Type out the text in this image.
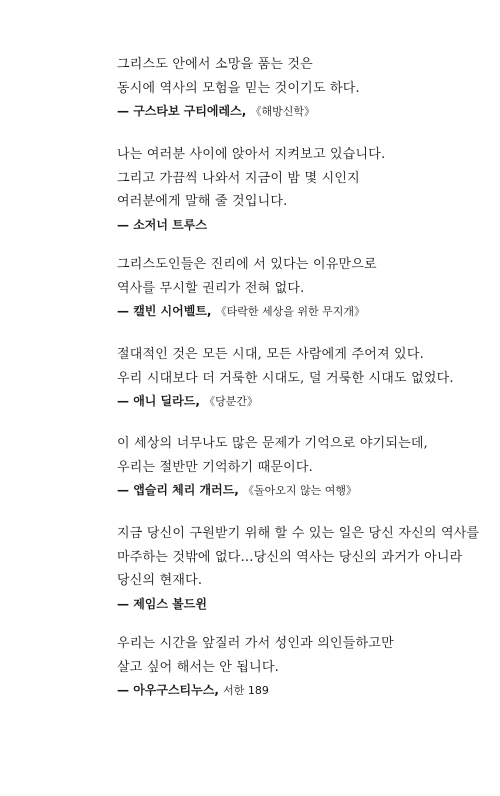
그리스도 안에서 소망을 품는 것은
동시에 역사의 모험을 믿는 것이기도 하다.
— 구스타보 구티에레스, 《해방신학》
나는 여러분 사이에 앉아서 지켜보고 있습니다.
그리고 가끔씩 나와서 지금이 밤 몇 시인지
여러분에게 말해 줄 것입니다.
— 소저너 트루스
그리스도인들은 진리에 서 있다는 이유만으로
역사를 무시할 권리가 전혀 없다.
— 캘빈 시어벨트, 《타락한 세상을 위한 무지개》
절대적인 것은 모든 시대, 모든 사람에게 주어져 있다.
우리 시대보다 더 거룩한 시대도, 덜 거룩한 시대도 없었다.
— 애니 딜라드, 《당분간》
이 세상의 너무나도 많은 문제가 기억으로 야기되는데,
우리는 절반만 기억하기 때문이다.
— 앱슬리 체리 개러드, 《돌아오지 않는 여행》
지금 당신이 구원받기 위해 할 수 있는 일은 당신 자신의 역사를
마주하는 것밖에 없다…당신의 역사는 당신의 과거가 아니라
당신의 현재다.
— 제임스 볼드윈
우리는 시간을 앞질러 가서 성인과 의인들하고만
살고 싶어 해서는 안 됩니다.
— 아우구스티누스, 서한 189
